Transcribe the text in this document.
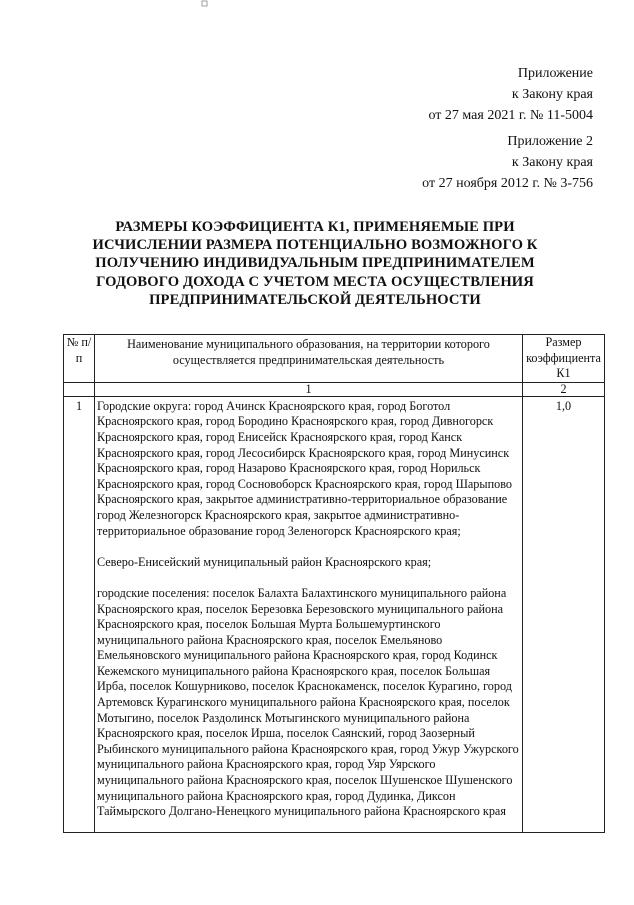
Приложение
к Закону края
от 27 мая 2021 г. № 11-5004
Приложение 2
к Закону края
от 27 ноября 2012 г. № 3-756
РАЗМЕРЫ КОЭФФИЦИЕНТА К1, ПРИМЕНЯЕМЫЕ ПРИ ИСЧИСЛЕНИИ РАЗМЕРА ПОТЕНЦИАЛЬНО ВОЗМОЖНОГО К ПОЛУЧЕНИЮ ИНДИВИДУАЛЬНЫМ ПРЕДПРИНИМАТЕЛЕМ ГОДОВОГО ДОХОДА С УЧЕТОМ МЕСТА ОСУЩЕСТВЛЕНИЯ ПРЕДПРИНИМАТЕЛЬСКОЙ ДЕЯТЕЛЬНОСТИ
№ п/п	Наименование муниципального образования, на территории которого осуществляется предпринимательская деятельность	Размер коэффициента К1
	1	2
1	Городские округа: город Ачинск Красноярского края, город Боготол Красноярского края, город Бородино Красноярского края, город Дивногорск Красноярского края, город Енисейск Красноярского края, город Канск Красноярского края, город Лесосибирск Красноярского края, город Минусинск Красноярского края, город Назарово Красноярского края, город Норильск Красноярского края, город Сосновоборск Красноярского края, город Шарыпово Красноярского края, закрытое административно-территориальное образование город Железногорск Красноярского края, закрытое административно-территориальное образование город Зеленогорск Красноярского края;

Северо-Енисейский муниципальный район Красноярского края;

городские поселения: поселок Балахта Балахтинского муниципального района Красноярского края, поселок Березовка Березовского муниципального района Красноярского края, поселок Большая Мурта Большемуртинского муниципального района Красноярского края, поселок Емельяново Емельяновского муниципального района Красноярского края, город Кодинск Кежемского муниципального района Красноярского края, поселок Большая Ирба, поселок Кошурниково, поселок Краснокаменск, поселок Курагино, город Артемовск Курагинского муниципального района Красноярского края, поселок Мотыгино, поселок Раздолинск Мотыгинского муниципального района Красноярского края, поселок Ирша, поселок Саянский, город Заозерный Рыбинского муниципального района Красноярского края, город Ужур Ужурского муниципального района Красноярского края, город Уяр Уярского муниципального района Красноярского края, поселок Шушенское Шушенского муниципального района Красноярского края, город Дудинка, Диксон Таймырского Долгано-Ненецкого муниципального района Красноярского края	1,0
